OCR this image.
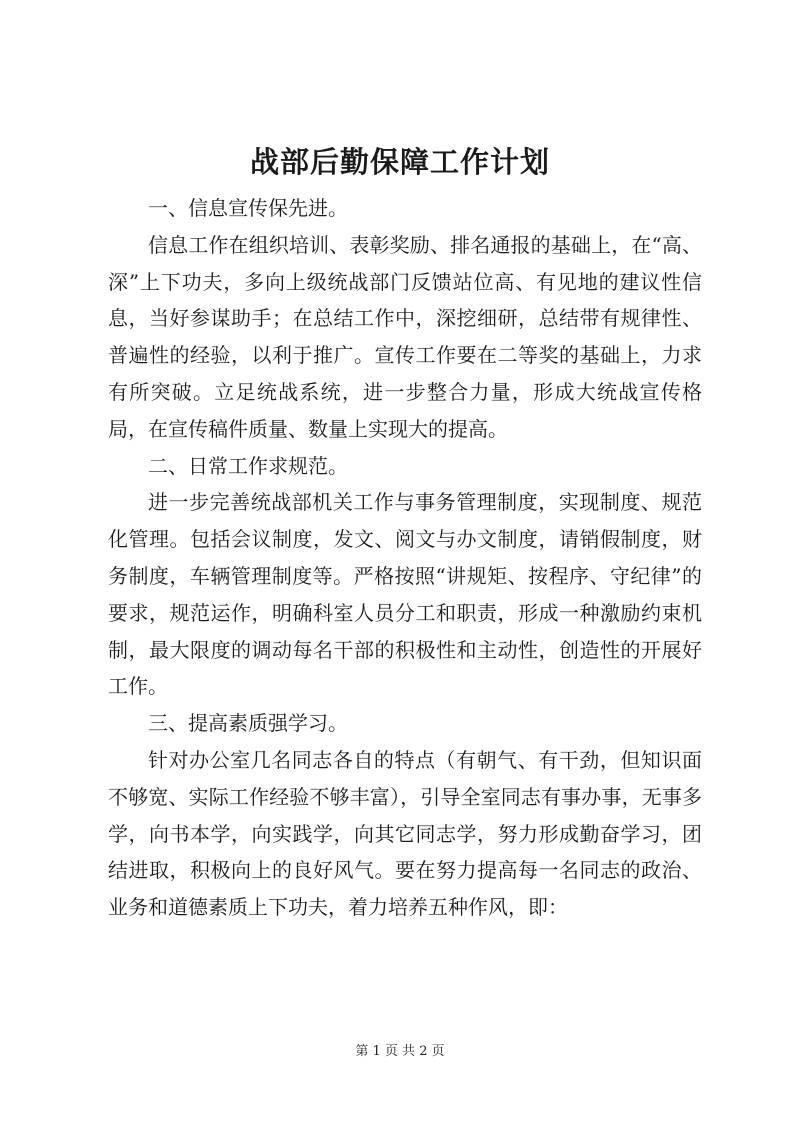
战部后勤保障工作计划

一、信息宣传保先进。

信息工作在组织培训、表彰奖励、排名通报的基础上，在“高、深”上下功夫，多向上级统战部门反馈站位高、有见地的建议性信息，当好参谋助手；在总结工作中，深挖细研，总结带有规律性、普遍性的经验，以利于推广。宣传工作要在二等奖的基础上，力求有所突破。立足统战系统，进一步整合力量，形成大统战宣传格局，在宣传稿件质量、数量上实现大的提高。

二、日常工作求规范。

进一步完善统战部机关工作与事务管理制度，实现制度、规范化管理。包括会议制度，发文、阅文与办文制度，请销假制度，财务制度，车辆管理制度等。严格按照“讲规矩、按程序、守纪律”的要求，规范运作，明确科室人员分工和职责，形成一种激励约束机制，最大限度的调动每名干部的积极性和主动性，创造性的开展好工作。

三、提高素质强学习。

针对办公室几名同志各自的特点（有朝气、有干劲，但知识面不够宽、实际工作经验不够丰富），引导全室同志有事办事，无事多学，向书本学，向实践学，向其它同志学，努力形成勤奋学习，团结进取，积极向上的良好风气。要在努力提高每一名同志的政治、业务和道德素质上下功夫，着力培养五种作风，即：

第 1 页 共 2 页
